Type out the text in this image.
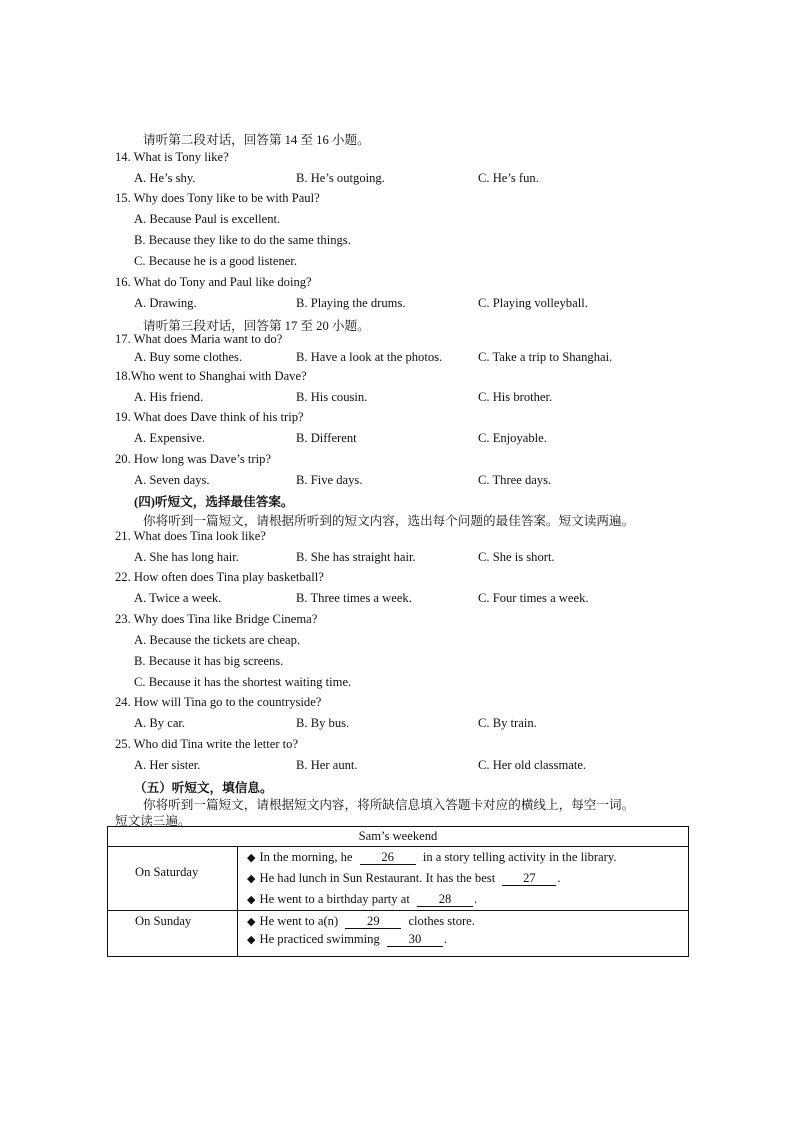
请听第二段对话，回答第 14 至 16 小题。
14. What is Tony like?
A. He’s shy.	B. He’s outgoing.	C. He’s fun.
15. Why does Tony like to be with Paul?
A. Because Paul is excellent.
B. Because they like to do the same things.
C. Because he is a good listener.
16. What do Tony and Paul like doing?
A. Drawing.	B. Playing the drums.	C. Playing volleyball.
请听第三段对话，回答第 17 至 20 小题。
17. What does Maria want to do?
A. Buy some clothes.	B. Have a look at the photos.	C. Take a trip to Shanghai.
18.Who went to Shanghai with Dave?
A. His friend.	B. His cousin.	C. His brother.
19. What does Dave think of his trip?
A. Expensive.	B. Different	C. Enjoyable.
20. How long was Dave’s trip?
A. Seven days.	B. Five days.	C. Three days.
(四)听短文，选择最佳答案。
你将听到一篇短文，请根据所听到的短文内容，选出每个问题的最佳答案。短文读两遍。
21. What does Tina look like?
A. She has long hair.	B. She has straight hair.	C. She is short.
22. How often does Tina play basketball?
A. Twice a week.	B. Three times a week.	C. Four times a week.
23. Why does Tina like Bridge Cinema?
A. Because the tickets are cheap.
B. Because it has big screens.
C. Because it has the shortest waiting time.
24. How will Tina go to the countryside?
A. By car.	B. By bus.	C. By train.
25. Who did Tina write the letter to?
A. Her sister.	B. Her aunt.	C. Her old classmate.
（五）听短文，填信息。
你将听到一篇短文，请根据短文内容，将所缺信息填入答题卡对应的横线上，每空一词。
短文读三遍。
Sam’s weekend
On Saturday
◆ In the morning, he 26 in a story telling activity in the library.
◆ He had lunch in Sun Restaurant. It has the best 27 .
◆ He went to a birthday party at 28 .
On Sunday	◆ He went to a(n) 29 clothes store.
◆ He practiced swimming 30 .
